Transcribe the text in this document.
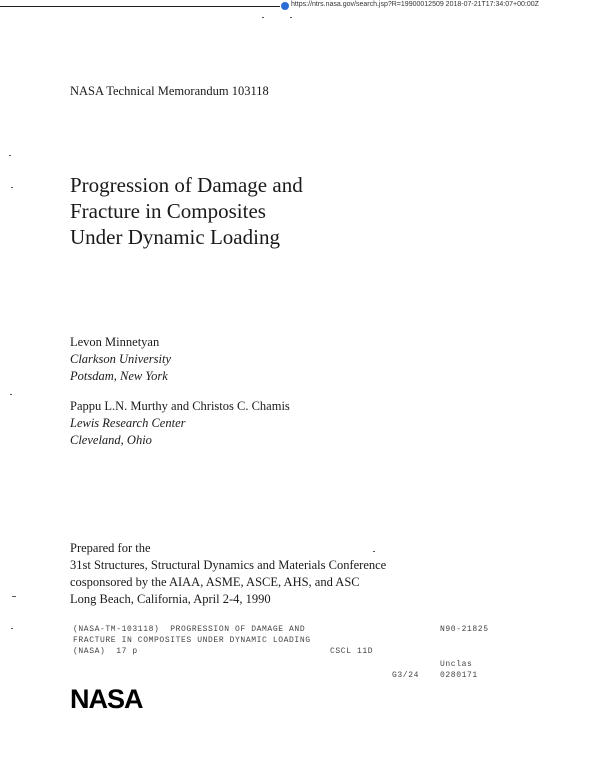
https://ntrs.nasa.gov/search.jsp?R=19900012509 2018-07-21T17:34:07+00:00Z
NASA Technical Memorandum 103118
Progression of Damage and
Fracture in Composites
Under Dynamic Loading
Levon Minnetyan
Clarkson University
Potsdam, New York
Pappu L.N. Murthy and Christos C. Chamis
Lewis Research Center
Cleveland, Ohio
Prepared for the
31st Structures, Structural Dynamics and Materials Conference
cosponsored by the AIAA, ASME, ASCE, AHS, and ASC
Long Beach, California, April 2-4, 1990
(NASA-TM-103118)  PROGRESSION OF DAMAGE AND
FRACTURE IN COMPOSITES UNDER DYNAMIC LOADING
(NASA)  17 p	CSCL 11D
N90-21825
Unclas
G3/24	0280171
NASA
